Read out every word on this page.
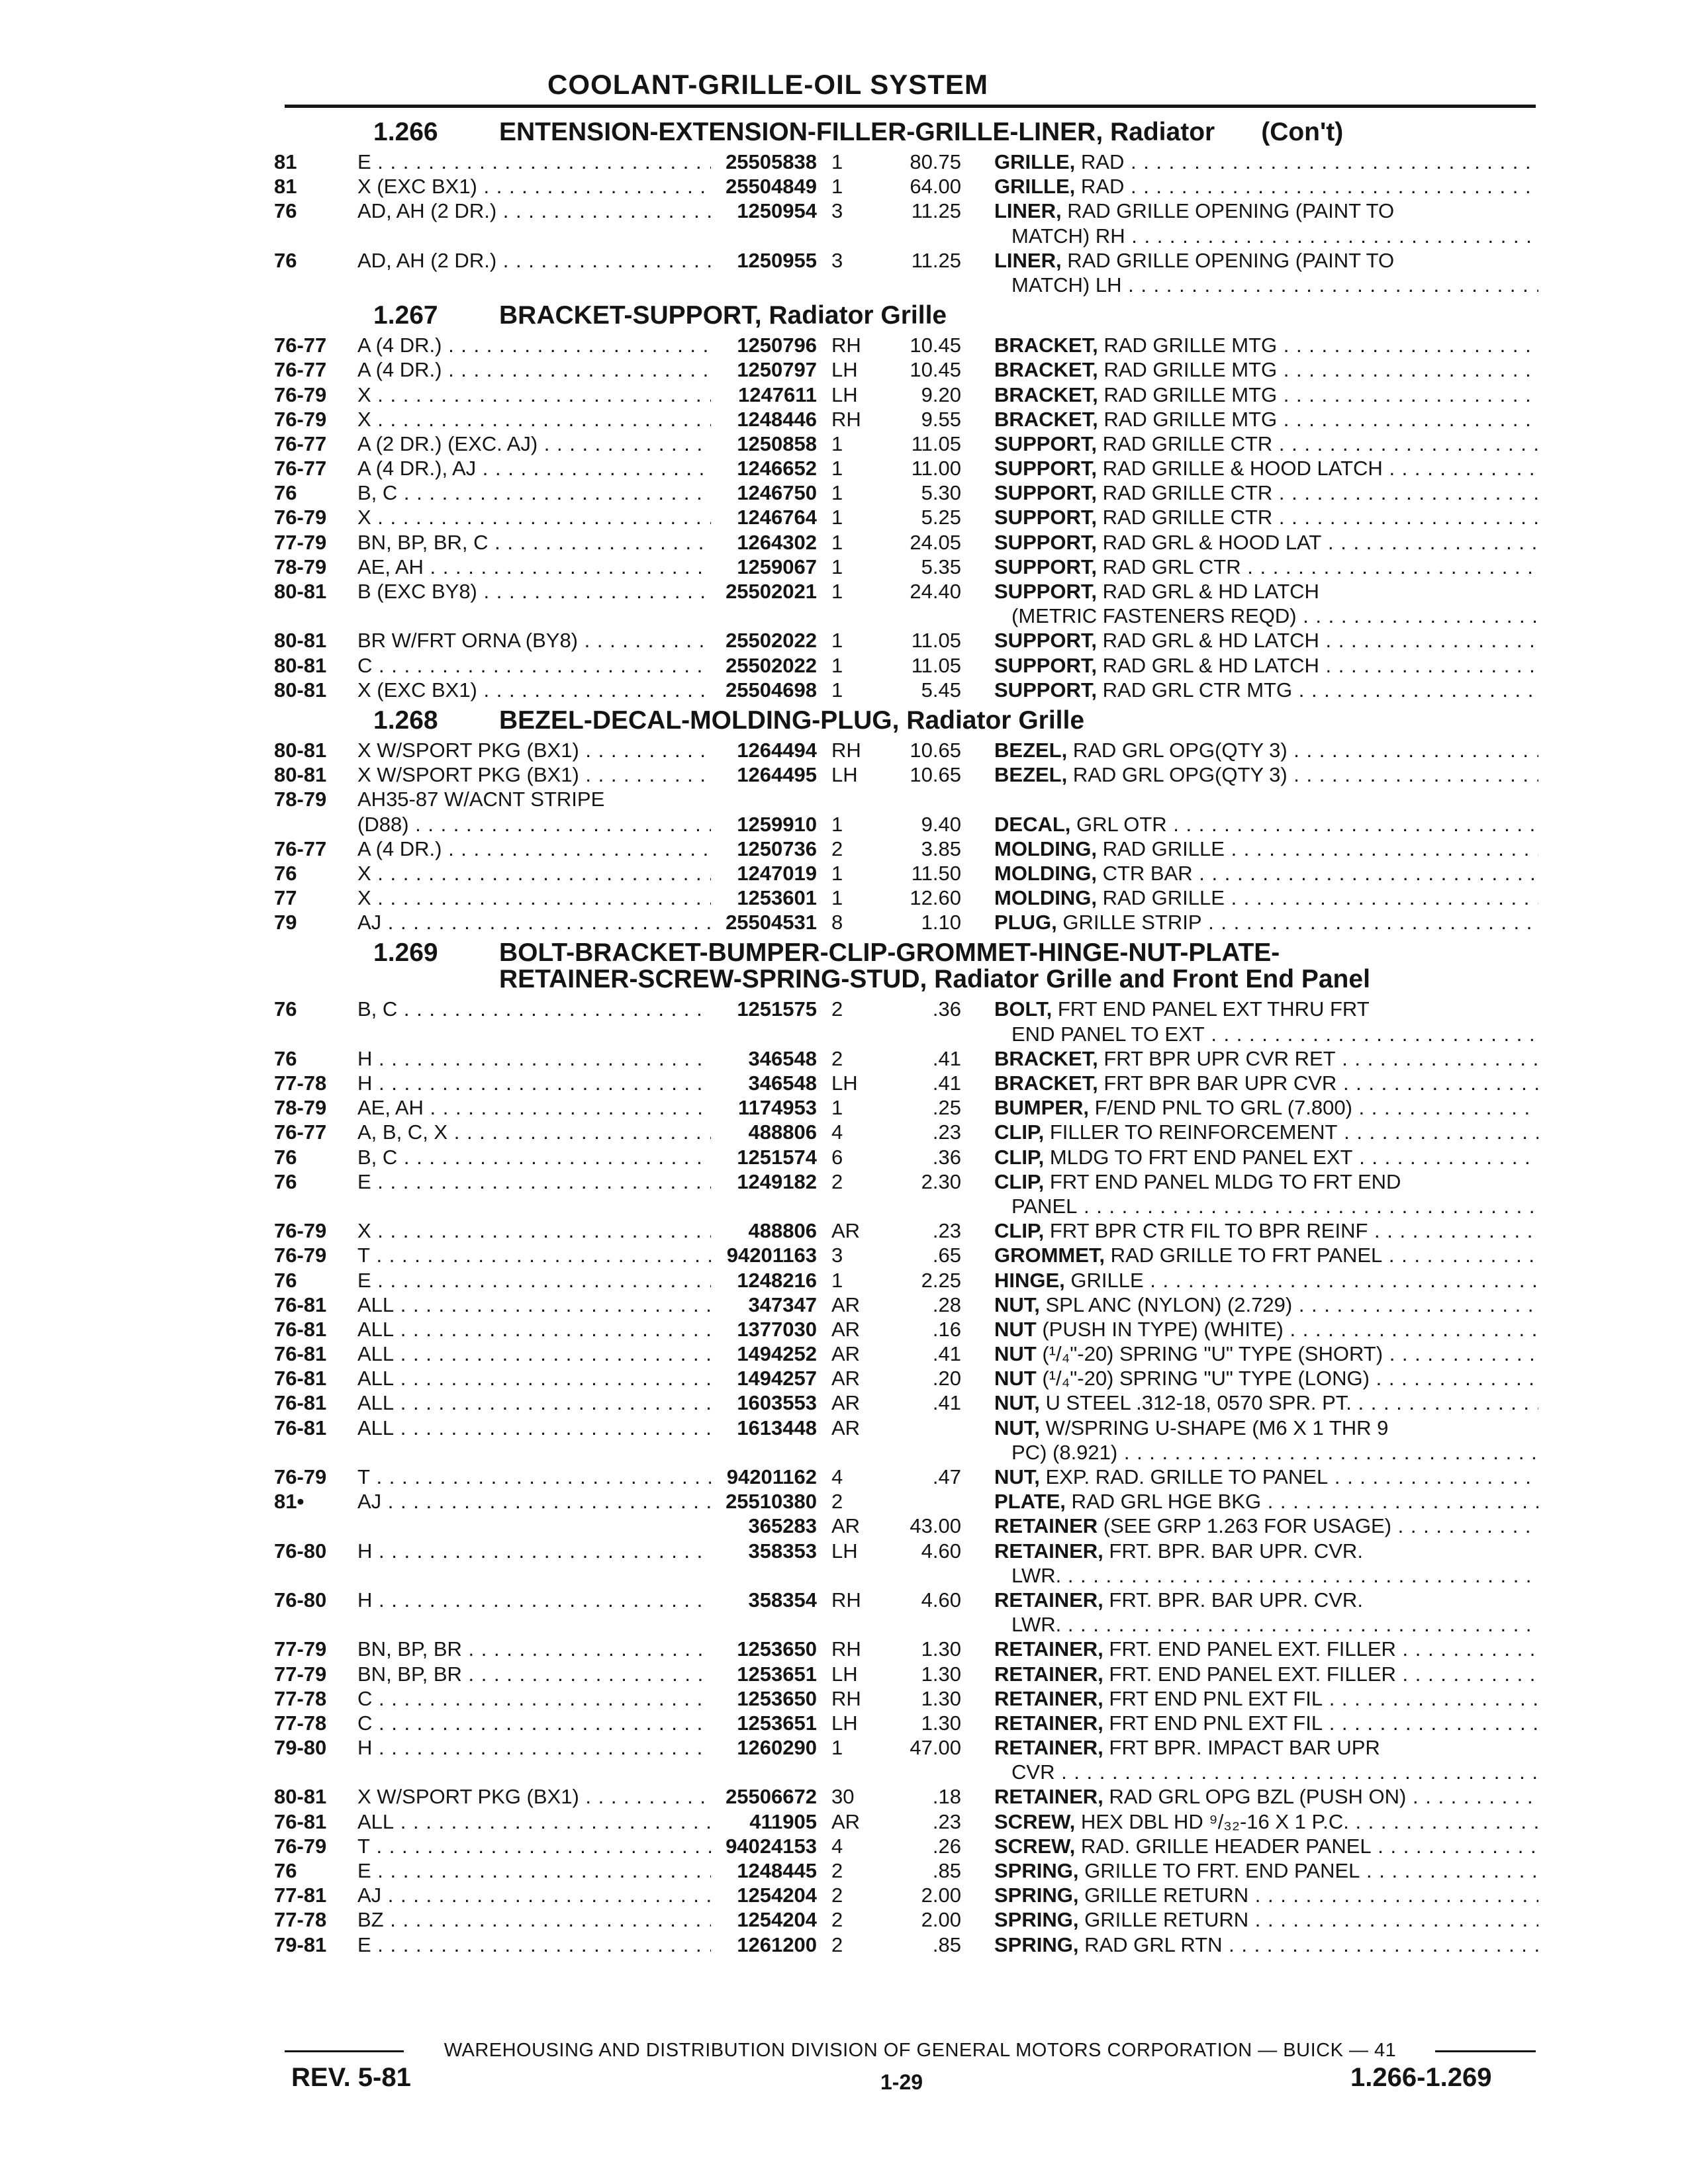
COOLANT-GRILLE-OIL SYSTEM
1.266	ENTENSION-EXTENSION-FILLER-GRILLE-LINER, Radiator (Con't)
81	E . . .	25505838 1	80.75	GRILLE, RAD . . .
81	X (EXC BX1) . . .	25504849 1	64.00	GRILLE, RAD . . .
76	AD, AH (2 DR.) . . .	1250954 3	11.25	LINER, RAD GRILLE OPENING (PAINT TO
MATCH) RH . . .
76	AD, AH (2 DR.) . . .	1250955 3	11.25	LINER, RAD GRILLE OPENING (PAINT TO
MATCH) LH . . .
1.267	BRACKET-SUPPORT, Radiator Grille
76-77	A (4 DR.) . . .	1250796 RH	10.45	BRACKET, RAD GRILLE MTG . . .
76-77	A (4 DR.) . . .	1250797 LH	10.45	BRACKET, RAD GRILLE MTG . . .
76-79	X . . .	1247611 LH	9.20	BRACKET, RAD GRILLE MTG . . .
76-79	X . . .	1248446 RH	9.55	BRACKET, RAD GRILLE MTG . . .
76-77	A (2 DR.) (EXC. AJ) . . .	1250858 1	11.05	SUPPORT, RAD GRILLE CTR . . .
76-77	A (4 DR.), AJ . . .	1246652 1	11.00	SUPPORT, RAD GRILLE & HOOD LATCH . . .
76	B, C . . .	1246750 1	5.30	SUPPORT, RAD GRILLE CTR . . .
76-79	X . . .	1246764 1	5.25	SUPPORT, RAD GRILLE CTR . . .
77-79	BN, BP, BR, C . . .	1264302 1	24.05	SUPPORT, RAD GRL & HOOD LAT . . .
78-79	AE, AH . . .	1259067 1	5.35	SUPPORT, RAD GRL CTR . . .
80-81	B (EXC BY8) . . .	25502021 1	24.40	SUPPORT, RAD GRL & HD LATCH
(METRIC FASTENERS REQD) . . .
80-81	BR W/FRT ORNA (BY8) . . .	25502022 1	11.05	SUPPORT, RAD GRL & HD LATCH . . .
80-81	C . . .	25502022 1	11.05	SUPPORT, RAD GRL & HD LATCH . . .
80-81	X (EXC BX1) . . .	25504698 1	5.45	SUPPORT, RAD GRL CTR MTG . . .
1.268	BEZEL-DECAL-MOLDING-PLUG, Radiator Grille
80-81	X W/SPORT PKG (BX1) . . .	1264494 RH	10.65	BEZEL, RAD GRL OPG(QTY 3) . . .
80-81	X W/SPORT PKG (BX1) . . .	1264495 LH	10.65	BEZEL, RAD GRL OPG(QTY 3) . . .
78-79	AH35-87 W/ACNT STRIPE
(D88) . . .	1259910 1	9.40	DECAL, GRL OTR . . .
76-77	A (4 DR.) . . .	1250736 2	3.85	MOLDING, RAD GRILLE . . .
76	X . . .	1247019 1	11.50	MOLDING, CTR BAR . . .
77	X . . .	1253601 1	12.60	MOLDING, RAD GRILLE . . .
79	AJ . . .	25504531 8	1.10	PLUG, GRILLE STRIP . . .
1.269	BOLT-BRACKET-BUMPER-CLIP-GROMMET-HINGE-NUT-PLATE-
RETAINER-SCREW-SPRING-STUD, Radiator Grille and Front End Panel
76	B, C . . .	1251575 2	.36	BOLT, FRT END PANEL EXT THRU FRT
END PANEL TO EXT . . .
76	H . . .	346548 2	.41	BRACKET, FRT BPR UPR CVR RET . . .
77-78	H . . .	346548 LH	.41	BRACKET, FRT BPR BAR UPR CVR . . .
78-79	AE, AH . . .	1174953 1	.25	BUMPER, F/END PNL TO GRL (7.800) . . .
76-77	A, B, C, X . . .	488806 4	.23	CLIP, FILLER TO REINFORCEMENT . . .
76	B, C . . .	1251574 6	.36	CLIP, MLDG TO FRT END PANEL EXT . . .
76	E . . .	1249182 2	2.30	CLIP, FRT END PANEL MLDG TO FRT END
PANEL . . .
76-79	X . . .	488806 AR	.23	CLIP, FRT BPR CTR FIL TO BPR REINF . . .
76-79	T . . .	94201163 3	.65	GROMMET, RAD GRILLE TO FRT PANEL . . .
76	E . . .	1248216 1	2.25	HINGE, GRILLE . . .
76-81	ALL . . .	347347 AR	.28	NUT, SPL ANC (NYLON) (2.729) . . .
76-81	ALL . . .	1377030 AR	.16	NUT (PUSH IN TYPE) (WHITE) . . .
76-81	ALL . . .	1494252 AR	.41	NUT (¹/₄"-20) SPRING "U" TYPE (SHORT) . . .
76-81	ALL . . .	1494257 AR	.20	NUT (¹/₄"-20) SPRING "U" TYPE (LONG) . . .
76-81	ALL . . .	1603553 AR	.41	NUT, U STEEL .312-18, 0570 SPR. PT. . . .
76-81	ALL . . .	1613448 AR	NUT, W/SPRING U-SHAPE (M6 X 1 THR 9
PC) (8.921) . . .
76-79	T . . .	94201162 4	.47	NUT, EXP. RAD. GRILLE TO PANEL . . .
81•	AJ . . .	25510380 2	PLATE, RAD GRL HGE BKG . . .
365283 AR	43.00	RETAINER (SEE GRP 1.263 FOR USAGE) . . .
76-80	H . . .	358353 LH	4.60	RETAINER, FRT. BPR. BAR UPR. CVR.
LWR. . . .
76-80	H . . .	358354 RH	4.60	RETAINER, FRT. BPR. BAR UPR. CVR.
LWR. . . .
77-79	BN, BP, BR . . .	1253650 RH	1.30	RETAINER, FRT. END PANEL EXT. FILLER . . .
77-79	BN, BP, BR . . .	1253651 LH	1.30	RETAINER, FRT. END PANEL EXT. FILLER . . .
77-78	C . . .	1253650 RH	1.30	RETAINER, FRT END PNL EXT FIL . . .
77-78	C . . .	1253651 LH	1.30	RETAINER, FRT END PNL EXT FIL . . .
79-80	H . . .	1260290 1	47.00	RETAINER, FRT BPR. IMPACT BAR UPR
CVR . . .
80-81	X W/SPORT PKG (BX1) . . .	25506672 30	.18	RETAINER, RAD GRL OPG BZL (PUSH ON) . . .
76-81	ALL . . .	411905 AR	.23	SCREW, HEX DBL HD ⁹/₃₂-16 X 1 P.C. . . .
76-79	T . . .	94024153 4	.26	SCREW, RAD. GRILLE HEADER PANEL . . .
76	E . . .	1248445 2	.85	SPRING, GRILLE TO FRT. END PANEL . . .
77-81	AJ . . .	1254204 2	2.00	SPRING, GRILLE RETURN . . .
77-78	BZ . . .	1254204 2	2.00	SPRING, GRILLE RETURN . . .
79-81	E . . .	1261200 2	.85	SPRING, RAD GRL RTN . . .
WAREHOUSING AND DISTRIBUTION DIVISION OF GENERAL MOTORS CORPORATION — BUICK — 41
REV. 5-81	1-29	1.266-1.269
